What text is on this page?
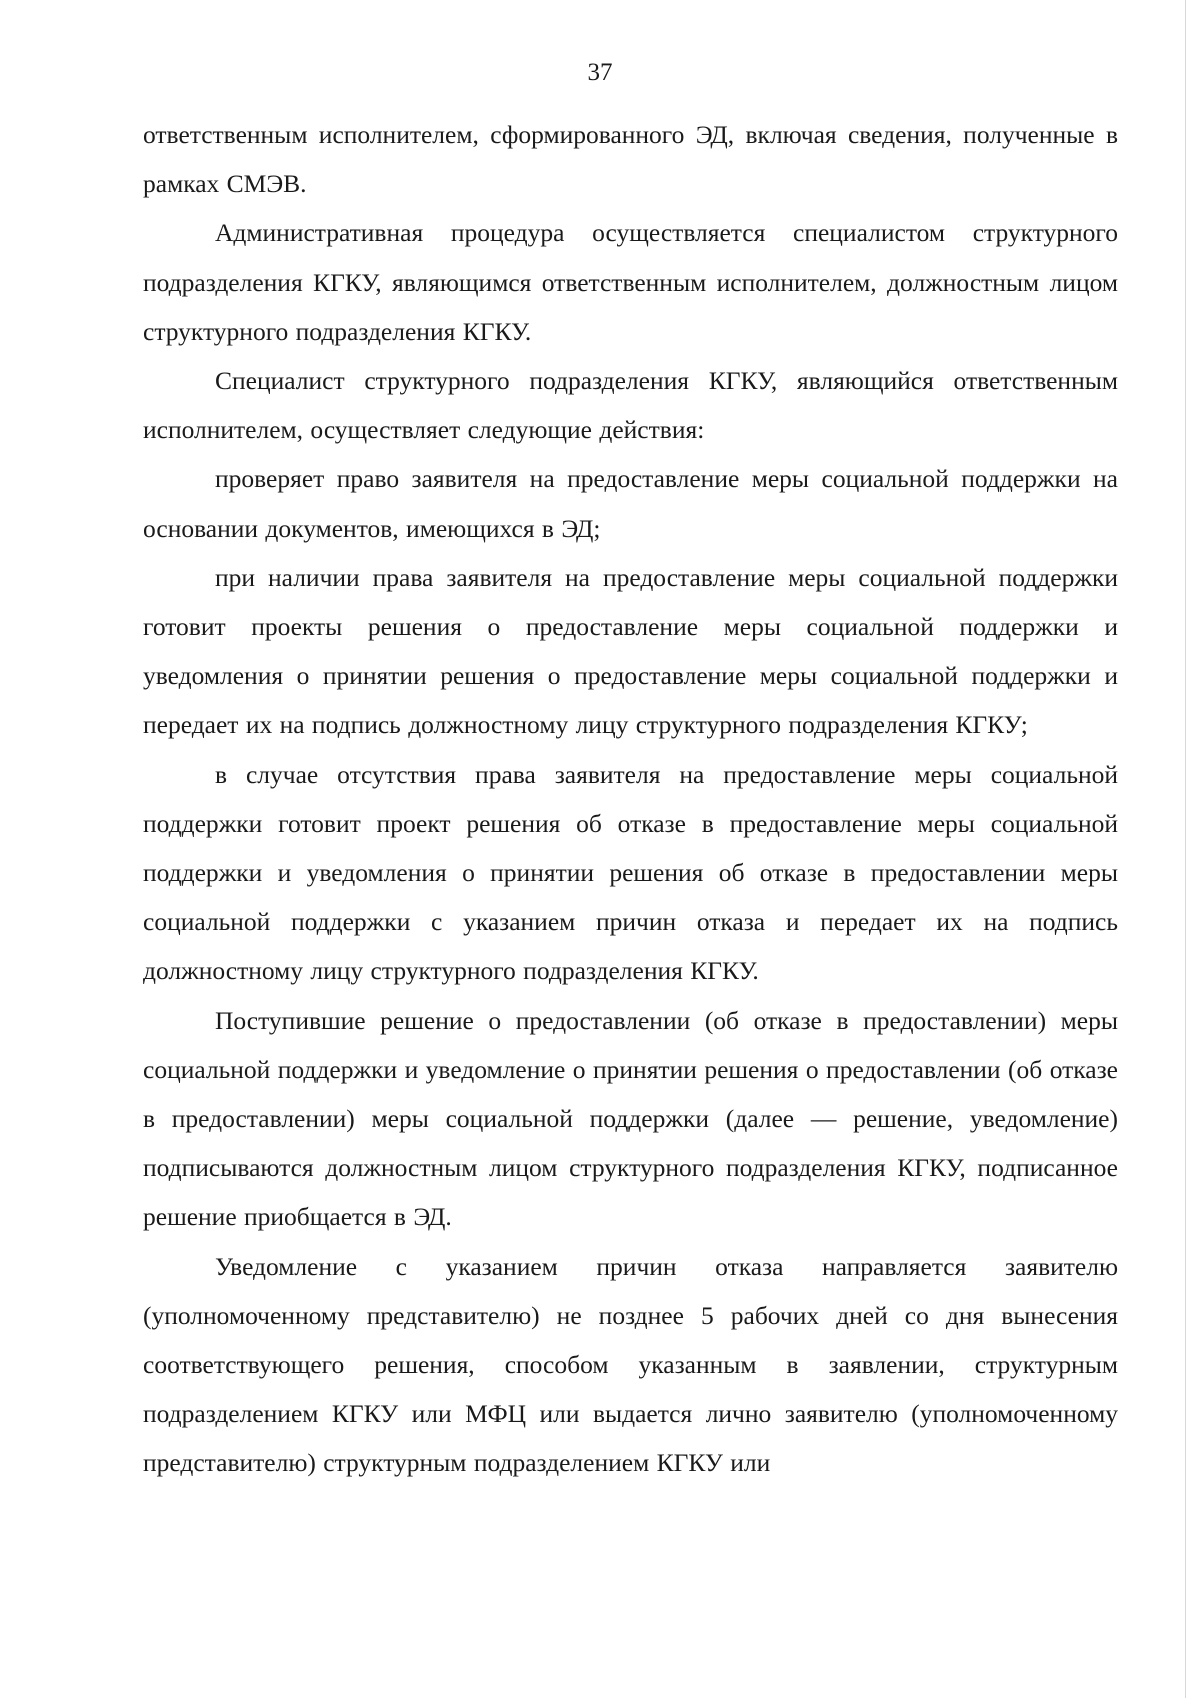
37

ответственным исполнителем, сформированного ЭД, включая сведения, полученные в рамках СМЭВ.

Административная процедура осуществляется специалистом структурного подразделения КГКУ, являющимся ответственным исполнителем, должностным лицом структурного подразделения КГКУ.

Специалист структурного подразделения КГКУ, являющийся ответственным исполнителем, осуществляет следующие действия:

проверяет право заявителя на предоставление меры социальной поддержки на основании документов, имеющихся в ЭД;

при наличии права заявителя на предоставление меры социальной поддержки готовит проекты решения о предоставление меры социальной поддержки и уведомления о принятии решения о предоставление меры социальной поддержки и передает их на подпись должностному лицу структурного подразделения КГКУ;

в случае отсутствия права заявителя на предоставление меры социальной поддержки готовит проект решения об отказе в предоставление меры социальной поддержки и уведомления о принятии решения об отказе в предоставлении меры социальной поддержки с указанием причин отказа и передает их на подпись должностному лицу структурного подразделения КГКУ.

Поступившие решение о предоставлении (об отказе в предоставлении) меры социальной поддержки и уведомление о принятии решения о предоставлении (об отказе в предоставлении) меры социальной поддержки (далее — решение, уведомление) подписываются должностным лицом структурного подразделения КГКУ, подписанное решение приобщается в ЭД.

Уведомление с указанием причин отказа направляется заявителю (уполномоченному представителю) не позднее 5 рабочих дней со дня вынесения соответствующего решения, способом указанным в заявлении, структурным подразделением КГКУ или МФЦ или выдается лично заявителю (уполномоченному представителю) структурным подразделением КГКУ или
